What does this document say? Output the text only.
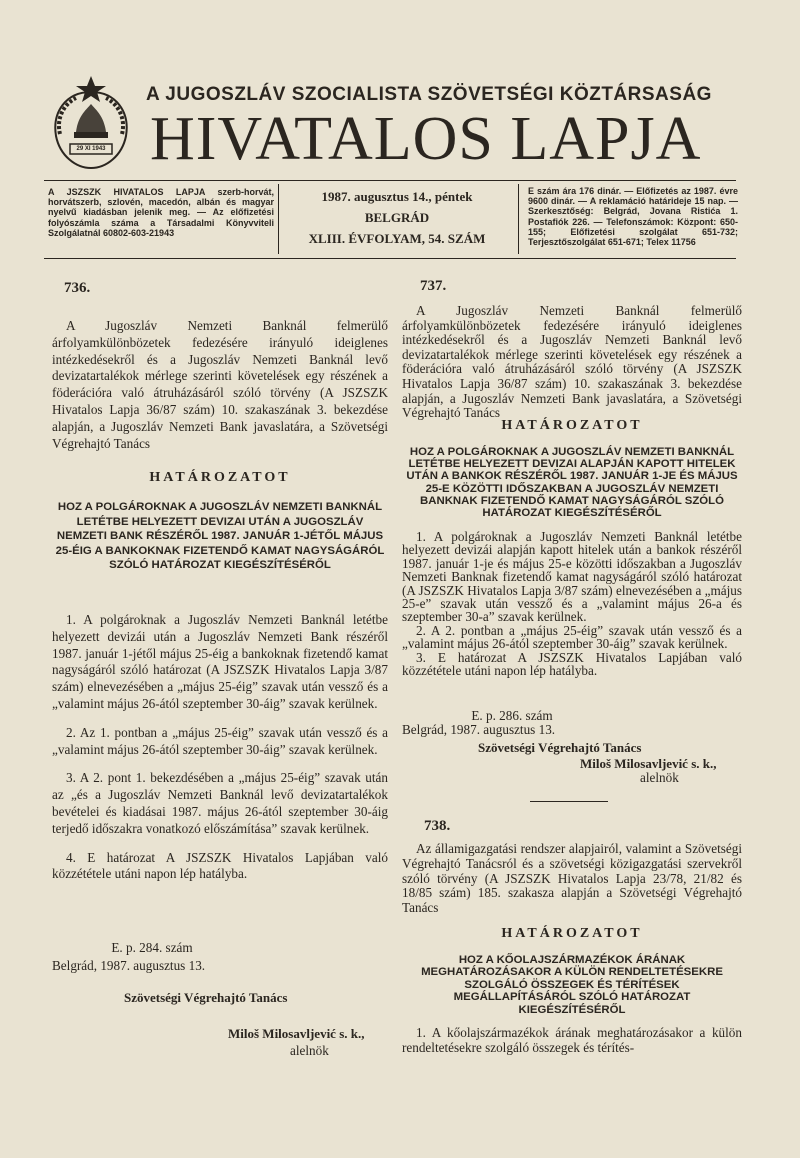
29 XI 1943
A JUGOSZLÁV SZOCIALISTA SZÖVETSÉGI KÖZTÁRSASÁG
HIVATALOS LAPJA
A JSZSZK HIVATALOS LAPJA szerb-horvát, horvátszerb, szlovén, macedón, albán és magyar nyelvű kiadásban jelenik meg. — Az előfizetési folyószámla száma a Társadalmi Könyvviteli Szolgálatnál 60802-603-21943
1987. augusztus 14., péntek
BELGRÁD
XLIII. ÉVFOLYAM, 54. SZÁM
E szám ára 176 dinár. — Előfizetés az 1987. évre 9600 dinár. — A reklamáció határideje 15 nap. — Szerkesztőség: Belgrád, Jovana Ristića 1. Postafiók 226. — Telefonszámok: Központ: 650-155; Előfizetési szolgálat 651-732; Terjesztőszolgálat 651-671; Telex 11756
736.

A Jugoszláv Nemzeti Banknál felmerülő árfolyamkülönbözetek fedezésére irányuló ideiglenes intézkedésekről és a Jugoszláv Nemzeti Banknál levő devizatartalékok mérlege szerinti követelések egy részének a föderációra való átruházásáról szóló törvény (A JSZSZK Hivatalos Lapja 36/87 szám) 10. szakaszának 3. bekezdése alapján, a Jugoszláv Nemzeti Bank javaslatára, a Szövetségi Végrehajtó Tanács

HATÁROZATOT
HOZ A POLGÁROKNAK A JUGOSZLÁV NEMZETI BANKNÁL LETÉTBE HELYEZETT DEVIZAI UTÁN A JUGOSZLÁV NEMZETI BANK RÉSZÉRŐL 1987. JANUÁR 1-JÉTŐL MÁJUS 25-ÉIG A BANKOKNAK FIZETENDŐ KAMAT NAGYSÁGÁRÓL SZÓLÓ HATÁROZAT KIEGÉSZÍTÉSÉRŐL

1. A polgároknak a Jugoszláv Nemzeti Banknál letétbe helyezett devizái után a Jugoszláv Nemzeti Bank részéről 1987. január 1-jétől május 25-éig a bankoknak fizetendő kamat nagyságáról szóló határozat (A JSZSZK Hivatalos Lapja 3/87 szám) elnevezésében a „május 25-éig” szavak után vessző és a „valamint május 26-ától szeptember 30-áig” szavak kerülnek.

2. Az 1. pontban a „május 25-éig” szavak után vessző és a „valamint május 26-ától szeptember 30-áig” szavak kerülnek.

3. A 2. pont 1. bekezdésében a „május 25-éig” szavak után az „és a Jugoszláv Nemzeti Banknál levő devizatartalékok bevételei és kiadásai 1987. május 26-ától szeptember 30-áig terjedő időszakra vonatkozó előszámítása” szavak kerülnek.

4. E határozat A JSZSZK Hivatalos Lapjában való közzététele utáni napon lép hatályba.

E. p. 284. szám
Belgrád, 1987. augusztus 13.
Szövetségi Végrehajtó Tanács
Miloš Milosavljević s. k.,
alelnök
737.

A Jugoszláv Nemzeti Banknál felmerülő árfolyamkülönbözetek fedezésére irányuló ideiglenes intézkedésekről és a Jugoszláv Nemzeti Banknál levő devizatartalékok mérlege szerinti követelések egy részének a föderációra való átruházásáról szóló törvény (A JSZSZK Hivatalos Lapja 36/87 szám) 10. szakaszának 3. bekezdése alapján, a Jugoszláv Nemzeti Bank javaslatára, a Szövetségi Végrehajtó Tanács

HATÁROZATOT
HOZ A POLGÁROKNAK A JUGOSZLÁV NEMZETI BANKNÁL LETÉTBE HELYEZETT DEVIZAI ALAPJÁN KAPOTT HITELEK UTÁN A BANKOK RÉSZÉRŐL 1987. JANUÁR 1-JE ÉS MÁJUS 25-E KÖZÖTTI IDŐSZAKBAN A JUGOSZLÁV NEMZETI BANKNAK FIZETENDŐ KAMAT NAGYSÁGÁRÓL SZÓLÓ HATÁROZAT KIEGÉSZÍTÉSÉRŐL

1. A polgároknak a Jugoszláv Nemzeti Banknál letétbe helyezett devizái alapján kapott hitelek után a bankok részéről 1987. január 1-je és május 25-e közötti időszakban a Jugoszláv Nemzeti Banknak fizetendő kamat nagyságáról szóló határozat (A JSZSZK Hivatalos Lapja 3/87 szám) elnevezésében a „május 25-e” szavak után vessző és a „valamint május 26-a és szeptember 30-a” szavak kerülnek.

2. A 2. pontban a „május 25-éig” szavak után vessző és a „valamint május 26-ától szeptember 30-áig” szavak kerülnek.

3. E határozat A JSZSZK Hivatalos Lapjában való közzététele utáni napon lép hatályba.

E. p. 286. szám
Belgrád, 1987. augusztus 13.
Szövetségi Végrehajtó Tanács
Miloš Milosavljević s. k.,
alelnök
738.

Az államigazgatási rendszer alapjairól, valamint a Szövetségi Végrehajtó Tanácsról és a szövetségi közigazgatási szervekről szóló törvény (A JSZSZK Hivatalos Lapja 23/78, 21/82 és 18/85 szám) 185. szakasza alapján a Szövetségi Végrehajtó Tanács

HATÁROZATOT
HOZ A KŐOLAJSZÁRMAZÉKOK ÁRÁNAK MEGHATÁROZÁSAKOR A KÜLÖN RENDELTETÉSEKRE SZOLGÁLÓ ÖSSZEGEK ÉS TÉRÍTÉSEK MEGÁLLAPÍTÁSÁRÓL SZÓLÓ HATÁROZAT KIEGÉSZÍTÉSÉRŐL

1. A kőolajszármazékok árának meghatározásakor a külön rendeltetésekre szolgáló összegek és térítés-
